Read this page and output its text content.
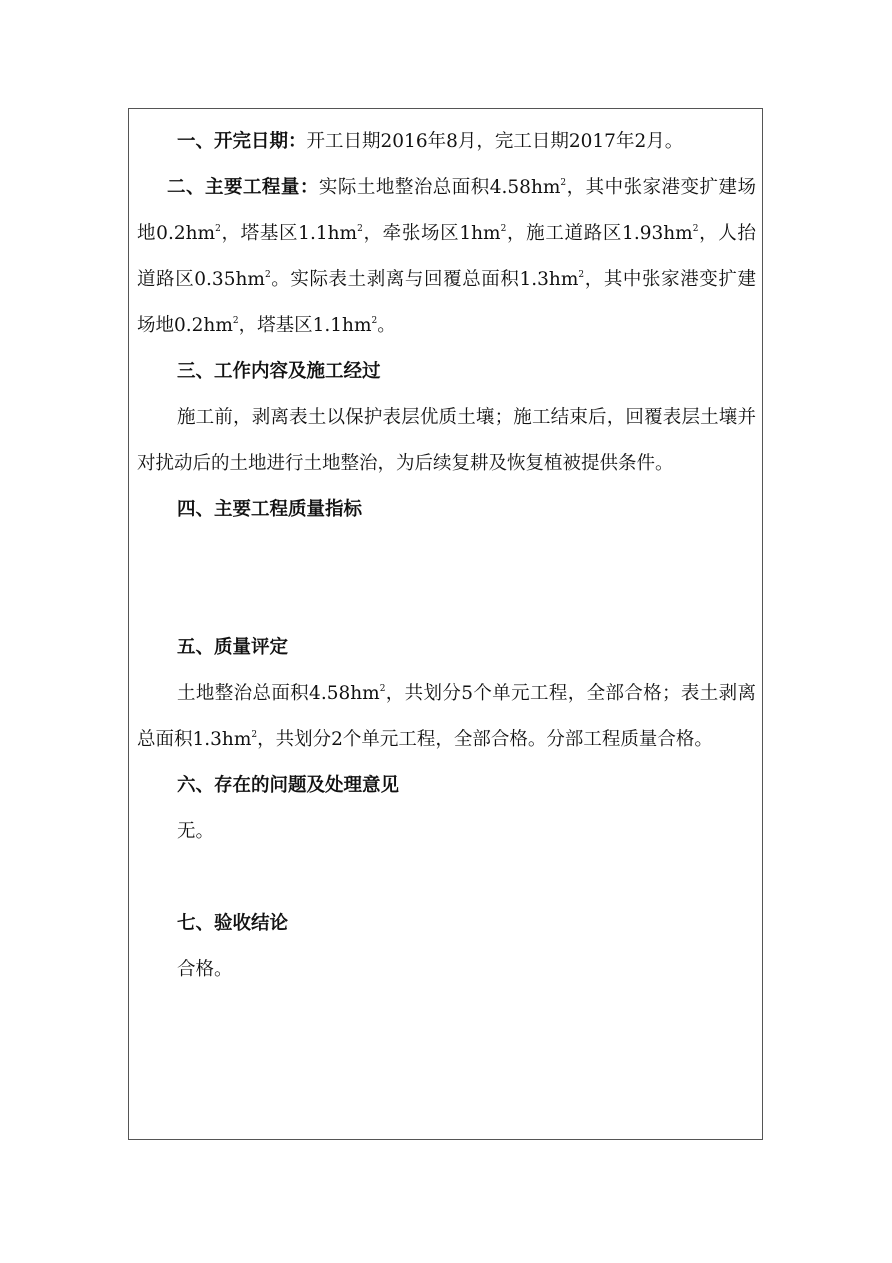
一、开完日期：开工日期2016年8月，完工日期2017年2月。

二、主要工程量：实际土地整治总面积$4.58hm^2$，其中张家港变扩建场地$0.2hm^2$，塔基区$1.1hm^2$，牵张场区$1hm^2$，施工道路区$1.93hm^2$，人抬道路区$0.35hm^2$。实际表土剥离与回覆总面积$1.3hm^2$，其中张家港变扩建场地$0.2hm^2$，塔基区$1.1hm^2$。

三、工作内容及施工经过

施工前，剥离表土以保护表层优质土壤；施工结束后，回覆表层土壤并对扰动后的土地进行土地整治，为后续复耕及恢复植被提供条件。

四、主要工程质量指标

五、质量评定

土地整治总面积$4.58hm^2$，共划分5个单元工程，全部合格；表土剥离总面积$1.3hm^2$，共划分2个单元工程，全部合格。分部工程质量合格。

六、存在的问题及处理意见

无。

七、验收结论

合格。
